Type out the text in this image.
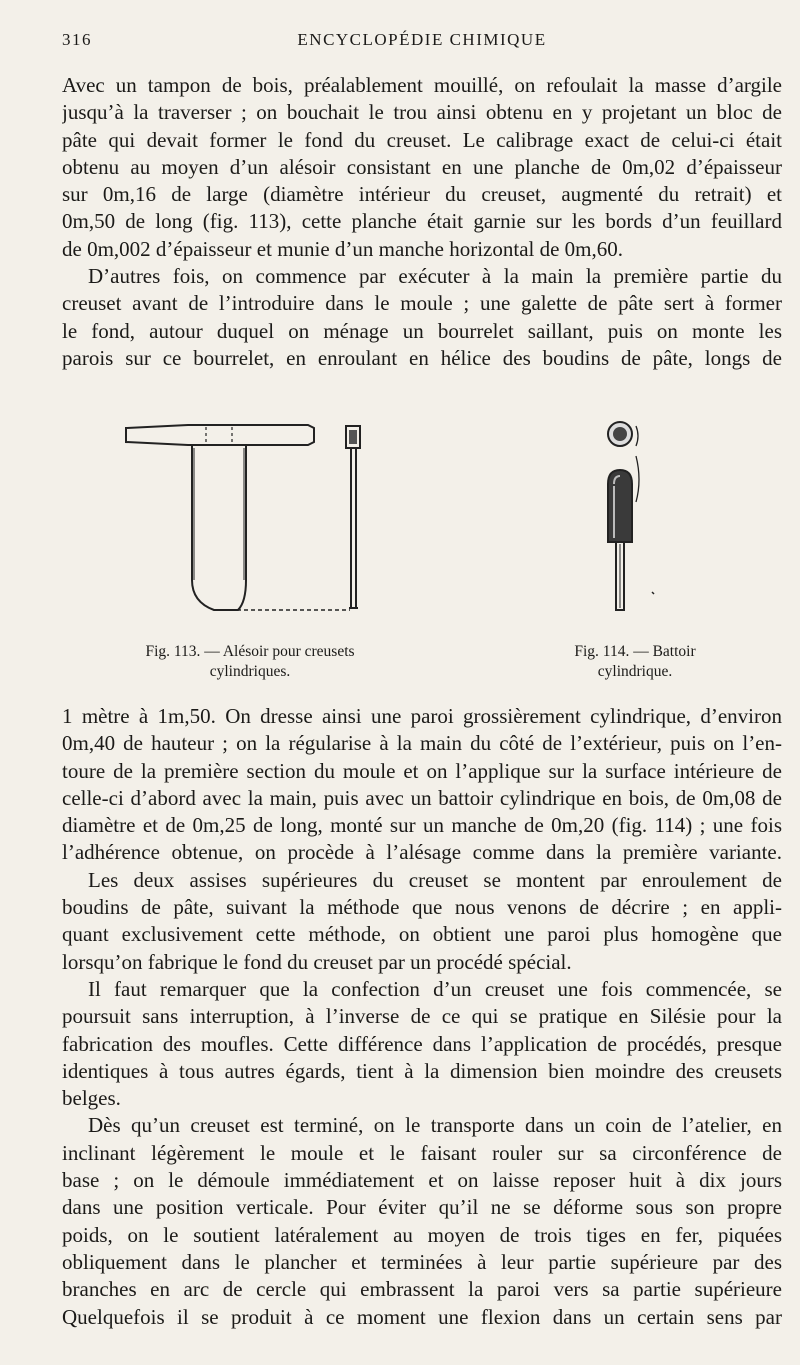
316	ENCYCLOPÉDIE CHIMIQUE
Avec un tampon de bois, préalablement mouillé, on refoulait la masse d’argile
jusqu’à la traverser ; on bouchait le trou ainsi obtenu en y projetant un bloc de
pâte qui devait former le fond du creuset. Le calibrage exact de celui-ci était
obtenu au moyen d’un alésoir consistant en une planche de 0m,02 d’épaisseur
sur 0m,16 de large (diamètre intérieur du creuset, augmenté du retrait) et
0m,50 de long (fig. 113), cette planche était garnie sur les bords d’un feuillard
de 0m,002 d’épaisseur et munie d’un manche horizontal de 0m,60.
D’autres fois, on commence par exécuter à la main la première partie du
creuset avant de l’introduire dans le moule ; une galette de pâte sert à former
le fond, autour duquel on ménage un bourrelet saillant, puis on monte les
parois sur ce bourrelet, en enroulant en hélice des boudins de pâte, longs de
Fig. 113. — Alésoir pour creusets
cylindriques.
Fig. 114. — Battoir
cylindrique.
1 mètre à 1m,50. On dresse ainsi une paroi grossièrement cylindrique, d’environ
0m,40 de hauteur ; on la régularise à la main du côté de l’extérieur, puis on l’en-
toure de la première section du moule et on l’applique sur la surface intérieure de
celle-ci d’abord avec la main, puis avec un battoir cylindrique en bois, de 0m,08 de
diamètre et de 0m,25 de long, monté sur un manche de 0m,20 (fig. 114) ; une fois
l’adhérence obtenue, on procède à l’alésage comme dans la première variante.
Les deux assises supérieures du creuset se montent par enroulement de
boudins de pâte, suivant la méthode que nous venons de décrire ; en appli-
quant exclusivement cette méthode, on obtient une paroi plus homogène que
lorsqu’on fabrique le fond du creuset par un procédé spécial.
Il faut remarquer que la confection d’un creuset une fois commencée, se
poursuit sans interruption, à l’inverse de ce qui se pratique en Silésie pour la
fabrication des moufles. Cette différence dans l’application de procédés, presque
identiques à tous autres égards, tient à la dimension bien moindre des creusets
belges.
Dès qu’un creuset est terminé, on le transporte dans un coin de l’atelier, en
inclinant légèrement le moule et le faisant rouler sur sa circonférence de
base ; on le démoule immédiatement et on laisse reposer huit à dix jours
dans une position verticale. Pour éviter qu’il ne se déforme sous son propre
poids, on le soutient latéralement au moyen de trois tiges en fer, piquées
obliquement dans le plancher et terminées à leur partie supérieure par des
branches en arc de cercle qui embrassent la paroi vers sa partie supérieure
Quelquefois il se produit à ce moment une flexion dans un certain sens par
